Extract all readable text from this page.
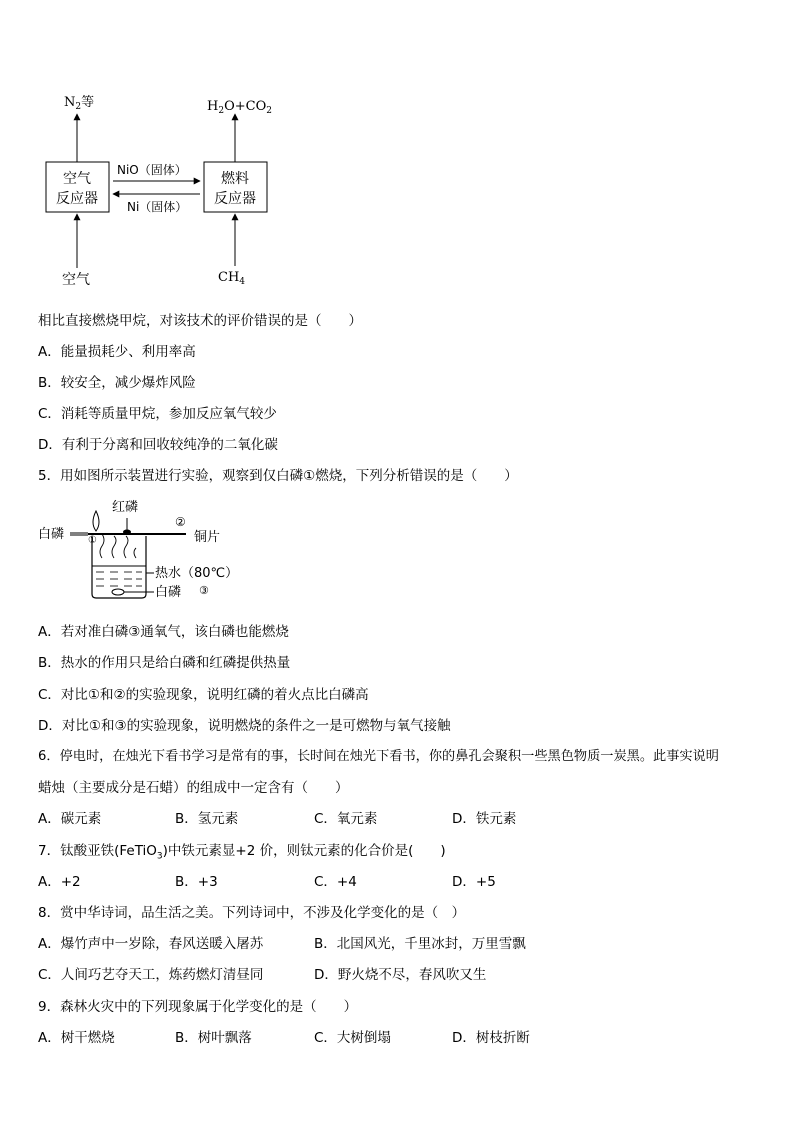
$N_2$等	$H_2O+CO_2$
空气
反应器
燃料
反应器
NiO（固体）
Ni（固体）
空气	$CH_4$
相比直接燃烧甲烷，对该技术的评价错误的是（　　）
A．能量损耗少、利用率高
B．较安全，减少爆炸风险
C．消耗等质量甲烷，参加反应氧气较少
D．有利于分离和回收较纯净的二氧化碳
5．用如图所示装置进行实验，观察到仅白磷①燃烧，下列分析错误的是（　　）
红磷
白磷 ①
②
铜片
热水（80℃）
白磷 ③
A．若对准白磷③通氧气，该白磷也能燃烧
B．热水的作用只是给白磷和红磷提供热量
C．对比①和②的实验现象，说明红磷的着火点比白磷高
D．对比①和③的实验现象，说明燃烧的条件之一是可燃物与氧气接触
6．停电时，在烛光下看书学习是常有的事，长时间在烛光下看书，你的鼻孔会聚积一些黑色物质一炭黑。此事实说明
蜡烛（主要成分是石蜡）的组成中一定含有（　　）
A．碳元素	B．氢元素	C．氧元素	D．铁元素
7．钛酸亚铁(FeTiO$_3$)中铁元素显+2 价，则钛元素的化合价是(　　)
A．+2	B．+3	C．+4	D．+5
8．赏中华诗词，品生活之美。下列诗词中，不涉及化学变化的是（　）
A．爆竹声中一岁除，春风送暖入屠苏	B．北国风光，千里冰封，万里雪飘
C．人间巧艺夺天工，炼药燃灯清昼同	D．野火烧不尽，春风吹又生
9．森林火灾中的下列现象属于化学变化的是（　　）
A．树干燃烧	B．树叶飘落	C．大树倒塌	D．树枝折断
